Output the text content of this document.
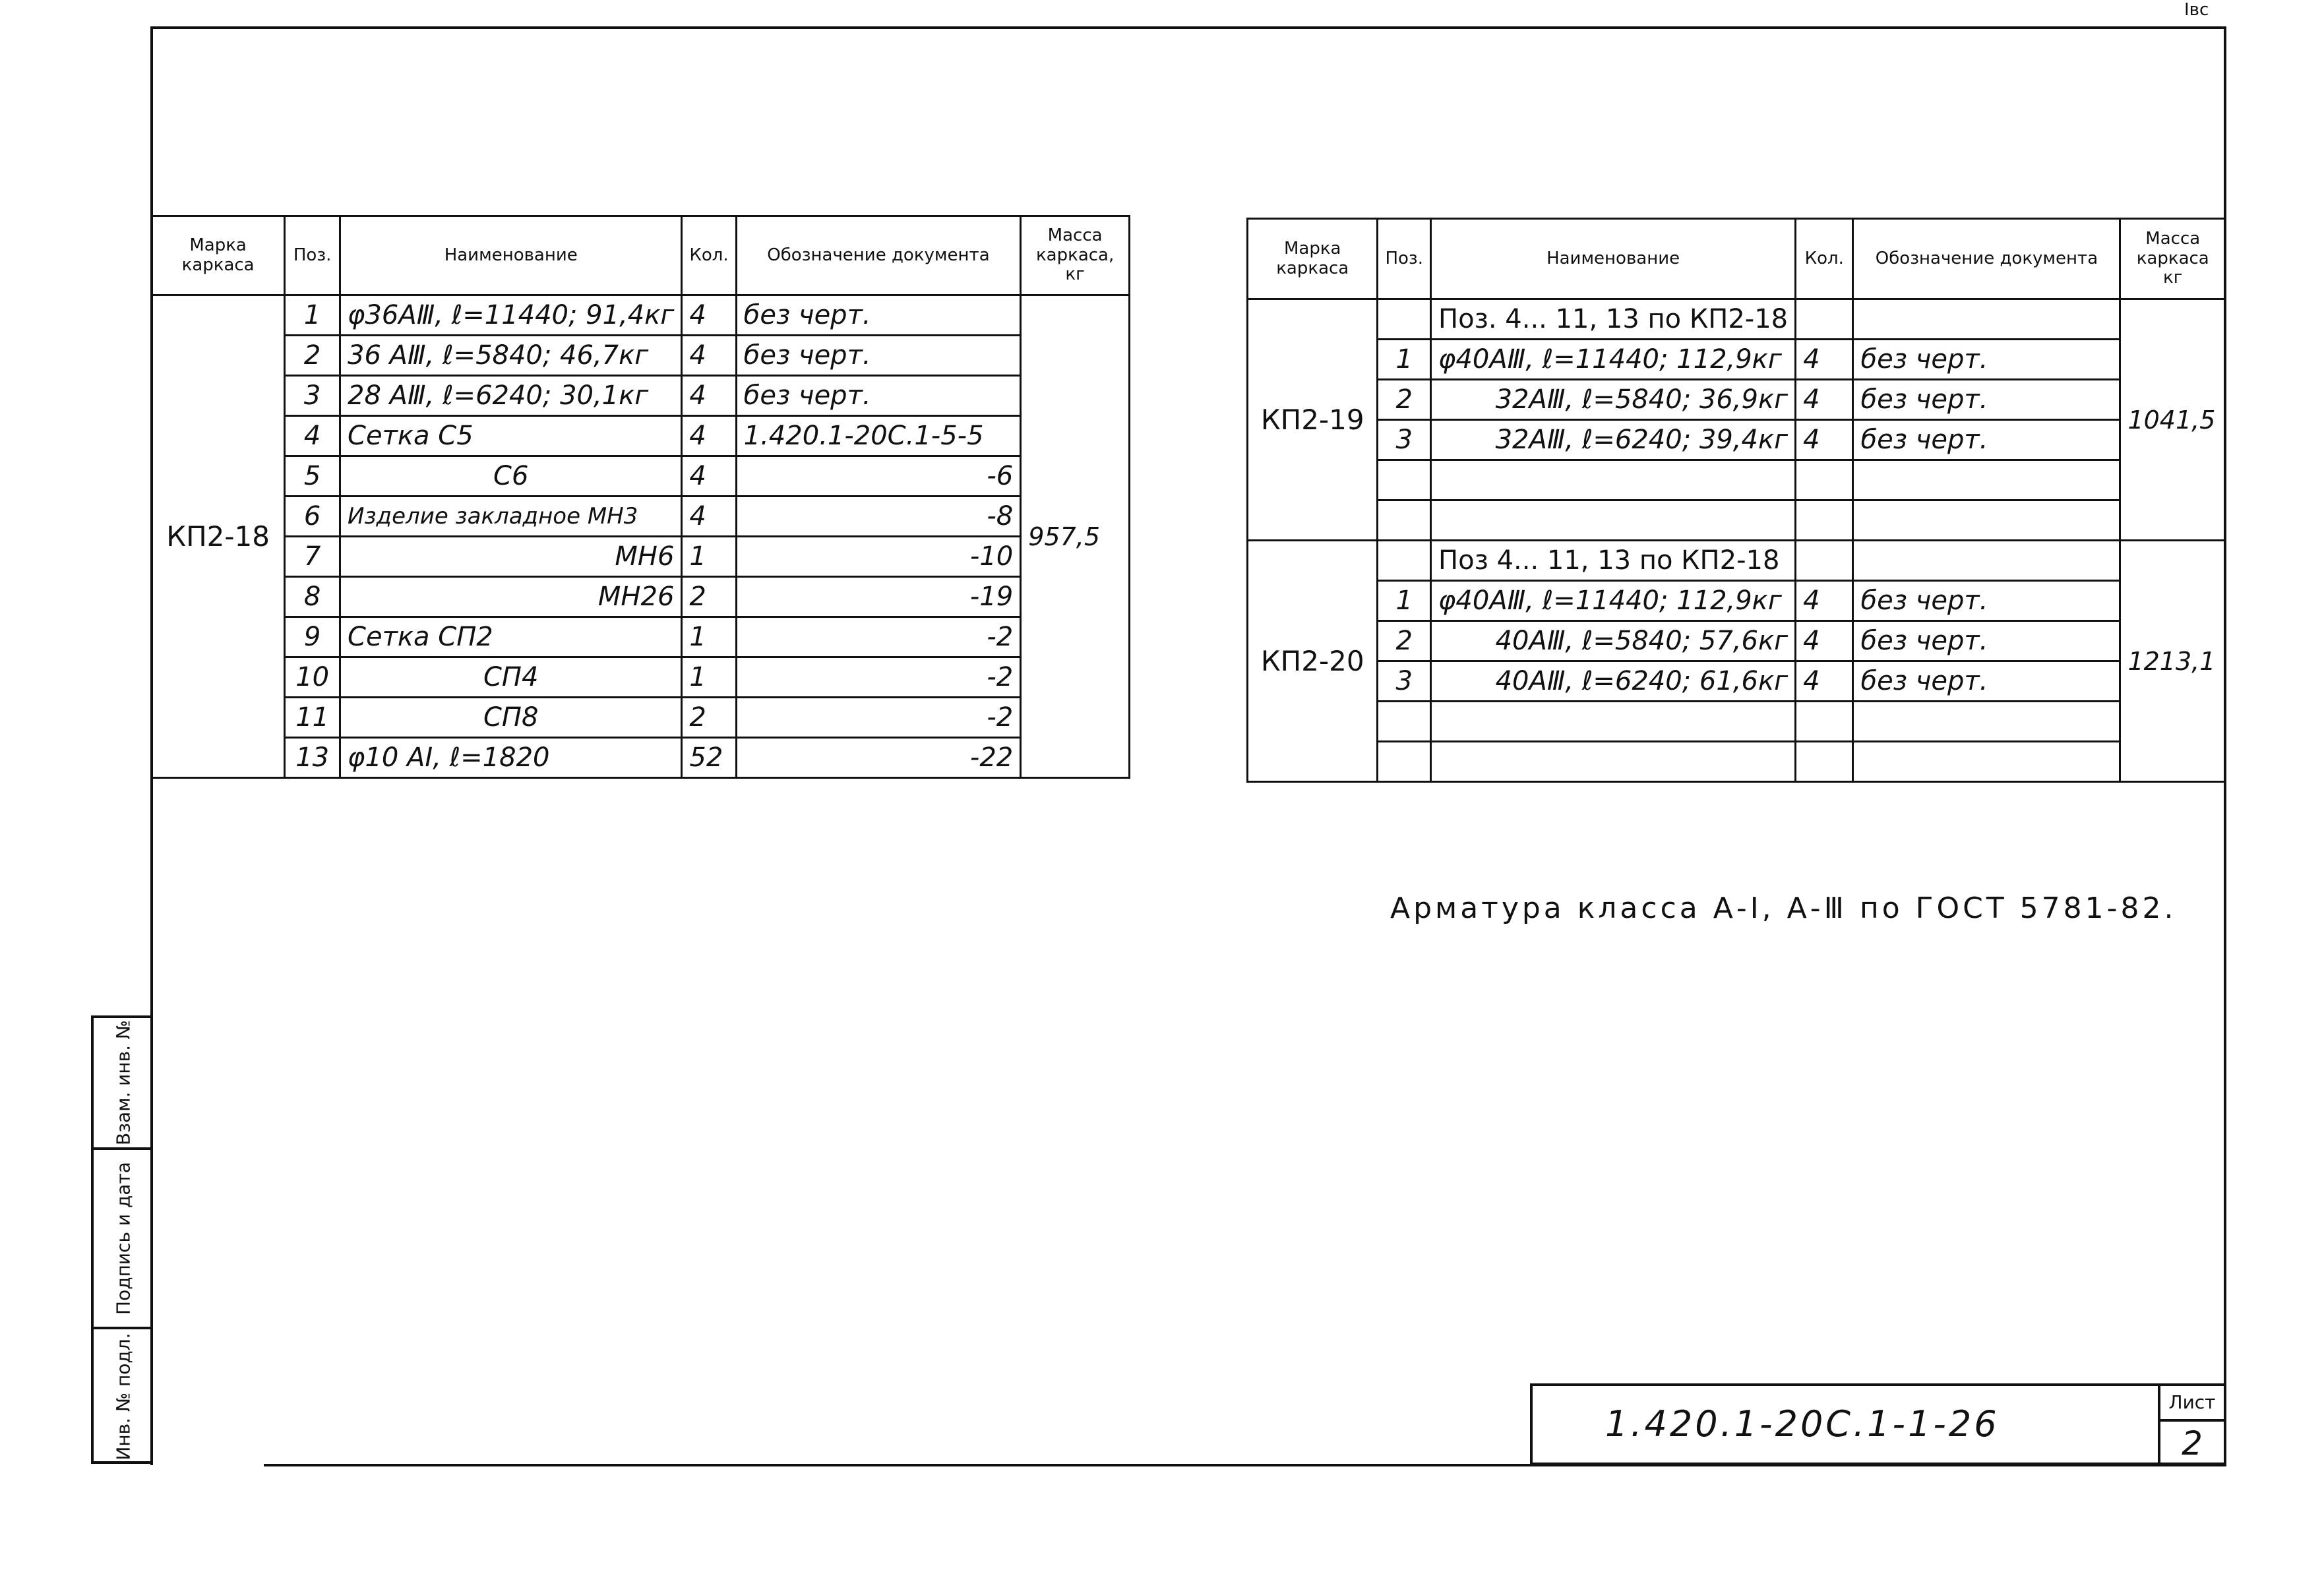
Iвс
Марка каркаса	Поз.	Наименование	Кол.	Обозначение документа	Масса каркаса, кг
КП2-18	1	φ36АⅢ, ℓ=11440; 91,4кг	4	без черт.	957,5
	2	36 АⅢ, ℓ=5840; 46,7кг	4	без черт.	
	3	28 АⅢ, ℓ=6240; 30,1кг	4	без черт.	
	4	Сетка С5	4	1.420.1-20С.1-5-5	
	5	С6	4	-6	
	6	Изделие закладное МН3	4	-8	
	7	МН6	1	-10	
	8	МН26	2	-19	
	9	Сетка СП2	1	-2	
	10	СП4	1	-2	
	11	СП8	2	-2	
	13	φ10 АI, ℓ=1820	52	-22	
Марка каркаса	Поз.	Наименование	Кол.	Обозначение документа	Масса каркаса кг
КП2-19		Поз. 4... 11, 13 по КП2-18			1041,5
	1	φ40АⅢ, ℓ=11440; 112,9кг	4	без черт.	
	2	32АⅢ, ℓ=5840; 36,9кг	4	без черт.	
	3	32АⅢ, ℓ=6240; 39,4кг	4	без черт.	

КП2-20		Поз 4... 11, 13 по КП2-18			1213,1
	1	φ40АⅢ, ℓ=11440; 112,9кг	4	без черт.	
	2	40АⅢ, ℓ=5840; 57,6кг	4	без черт.	
	3	40АⅢ, ℓ=6240; 61,6кг	4	без черт.	

Арматура класса А-I, А-Ⅲ по ГОСТ 5781-82.
1.420.1-20С.1-1-26
Лист
2
Взам. инв. №
Подпись и дата
Инв. № подл.
